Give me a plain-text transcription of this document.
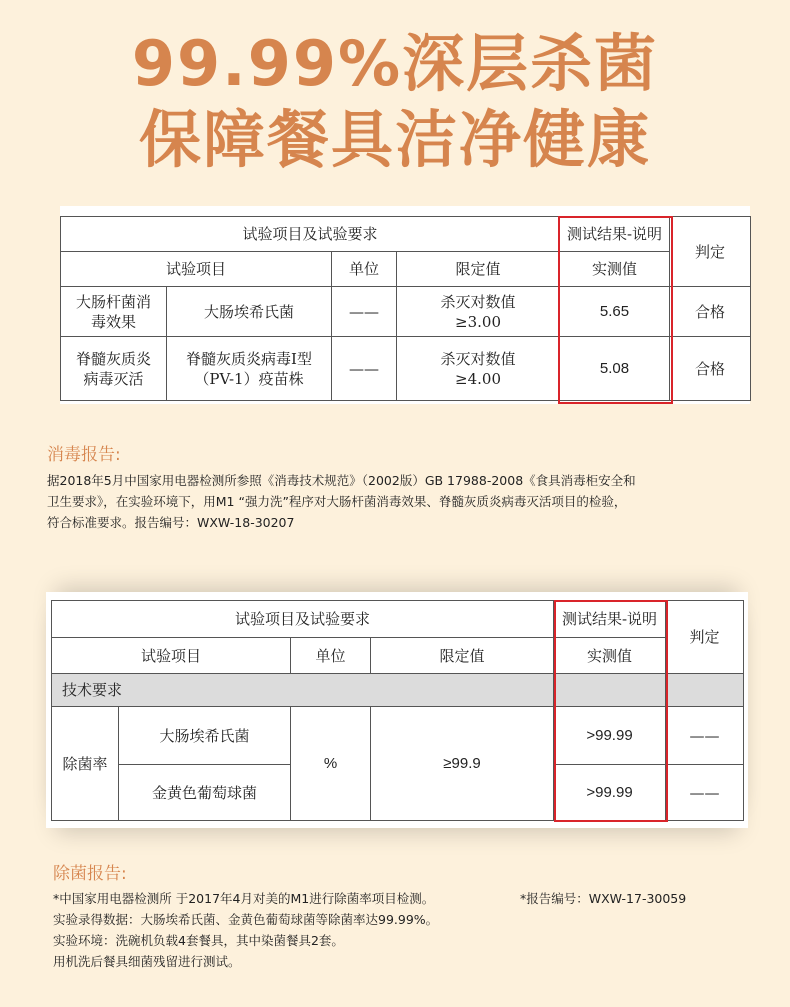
99.99%深层杀菌
保障餐具洁净健康
试验项目及试验要求				测试结果-说明	判定
试验项目		单位	限定值	实测值	
大肠杆菌消毒效果	大肠埃希氏菌	——	杀灭对数值≥3.00	5.65	合格
脊髓灰质炎病毒灭活	脊髓灰质炎病毒Ⅰ型（PV-1）疫苗株	——	杀灭对数值≥4.00	5.08	合格
消毒报告:
据2018年5月中国家用电器检测所参照《消毒技术规范》（2002版）GB 17988-2008《食具消毒柜安全和
卫生要求》，在实验环境下，用M1 “强力洗”程序对大肠杆菌消毒效果、脊髓灰质炎病毒灭活项目的检验，
符合标准要求。报告编号：WXW-18-30207
试验项目及试验要求				测试结果-说明	判定
试验项目		单位	限定值	实测值	
技术要求					
除菌率	大肠埃希氏菌	%	≥99.9	>99.99	——
	金黄色葡萄球菌			>99.99	——
除菌报告:
*中国家用电器检测所 于2017年4月对美的M1进行除菌率项目检测。	*报告编号：WXW-17-30059
实验录得数据：大肠埃希氏菌、金黄色葡萄球菌等除菌率达99.99%。
实验环境：洗碗机负载4套餐具，其中染菌餐具2套。
用机洗后餐具细菌残留进行测试。
